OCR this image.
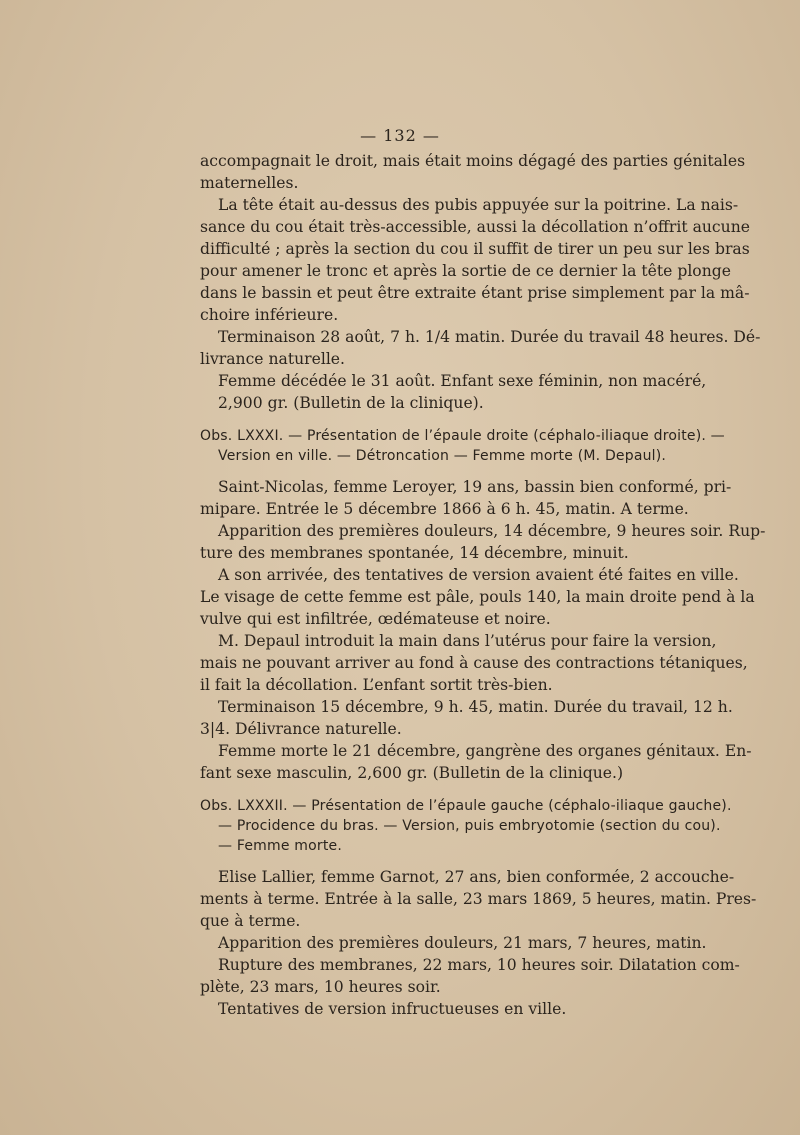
— 132 —
accompagnait le droit, mais était moins dégagé des parties génitales
maternelles.
La tête était au-dessus des pubis appuyée sur la poitrine. La nais-
sance du cou était très-accessible, aussi la décollation n’offrit aucune
difficulté ; après la section du cou il suffit de tirer un peu sur les bras
pour amener le tronc et après la sortie de ce dernier la tête plonge
dans le bassin et peut être extraite étant prise simplement par la mâ-
choire inférieure.
Terminaison 28 août, 7 h. 1/4 matin. Durée du travail 48 heures. Dé-
livrance naturelle.
Femme décédée le 31 août. Enfant sexe féminin, non macéré,
2,900 gr. (Bulletin de la clinique).
Obs. LXXXI. — Présentation de l’épaule droite (céphalo-iliaque droite). —
Version en ville. — Détroncation — Femme morte (M. Depaul).
Saint-Nicolas, femme Leroyer, 19 ans, bassin bien conformé, pri-
mipare. Entrée le 5 décembre 1866 à 6 h. 45, matin. A terme.
Apparition des premières douleurs, 14 décembre, 9 heures soir. Rup-
ture des membranes spontanée, 14 décembre, minuit.
A son arrivée, des tentatives de version avaient été faites en ville.
Le visage de cette femme est pâle, pouls 140, la main droite pend à la
vulve qui est infiltrée, œdémateuse et noire.
M. Depaul introduit la main dans l’utérus pour faire la version,
mais ne pouvant arriver au fond à cause des contractions tétaniques,
il fait la décollation. L’enfant sortit très-bien.
Terminaison 15 décembre, 9 h. 45, matin. Durée du travail, 12 h.
3|4. Délivrance naturelle.
Femme morte le 21 décembre, gangrène des organes génitaux. En-
fant sexe masculin, 2,600 gr. (Bulletin de la clinique.)
Obs. LXXXII. — Présentation de l’épaule gauche (céphalo-iliaque gauche).
— Procidence du bras. — Version, puis embryotomie (section du cou).
— Femme morte.
Elise Lallier, femme Garnot, 27 ans, bien conformée, 2 accouche-
ments à terme. Entrée à la salle, 23 mars 1869, 5 heures, matin. Pres-
que à terme.
Apparition des premières douleurs, 21 mars, 7 heures, matin.
Rupture des membranes, 22 mars, 10 heures soir. Dilatation com-
plète, 23 mars, 10 heures soir.
Tentatives de version infructueuses en ville.
